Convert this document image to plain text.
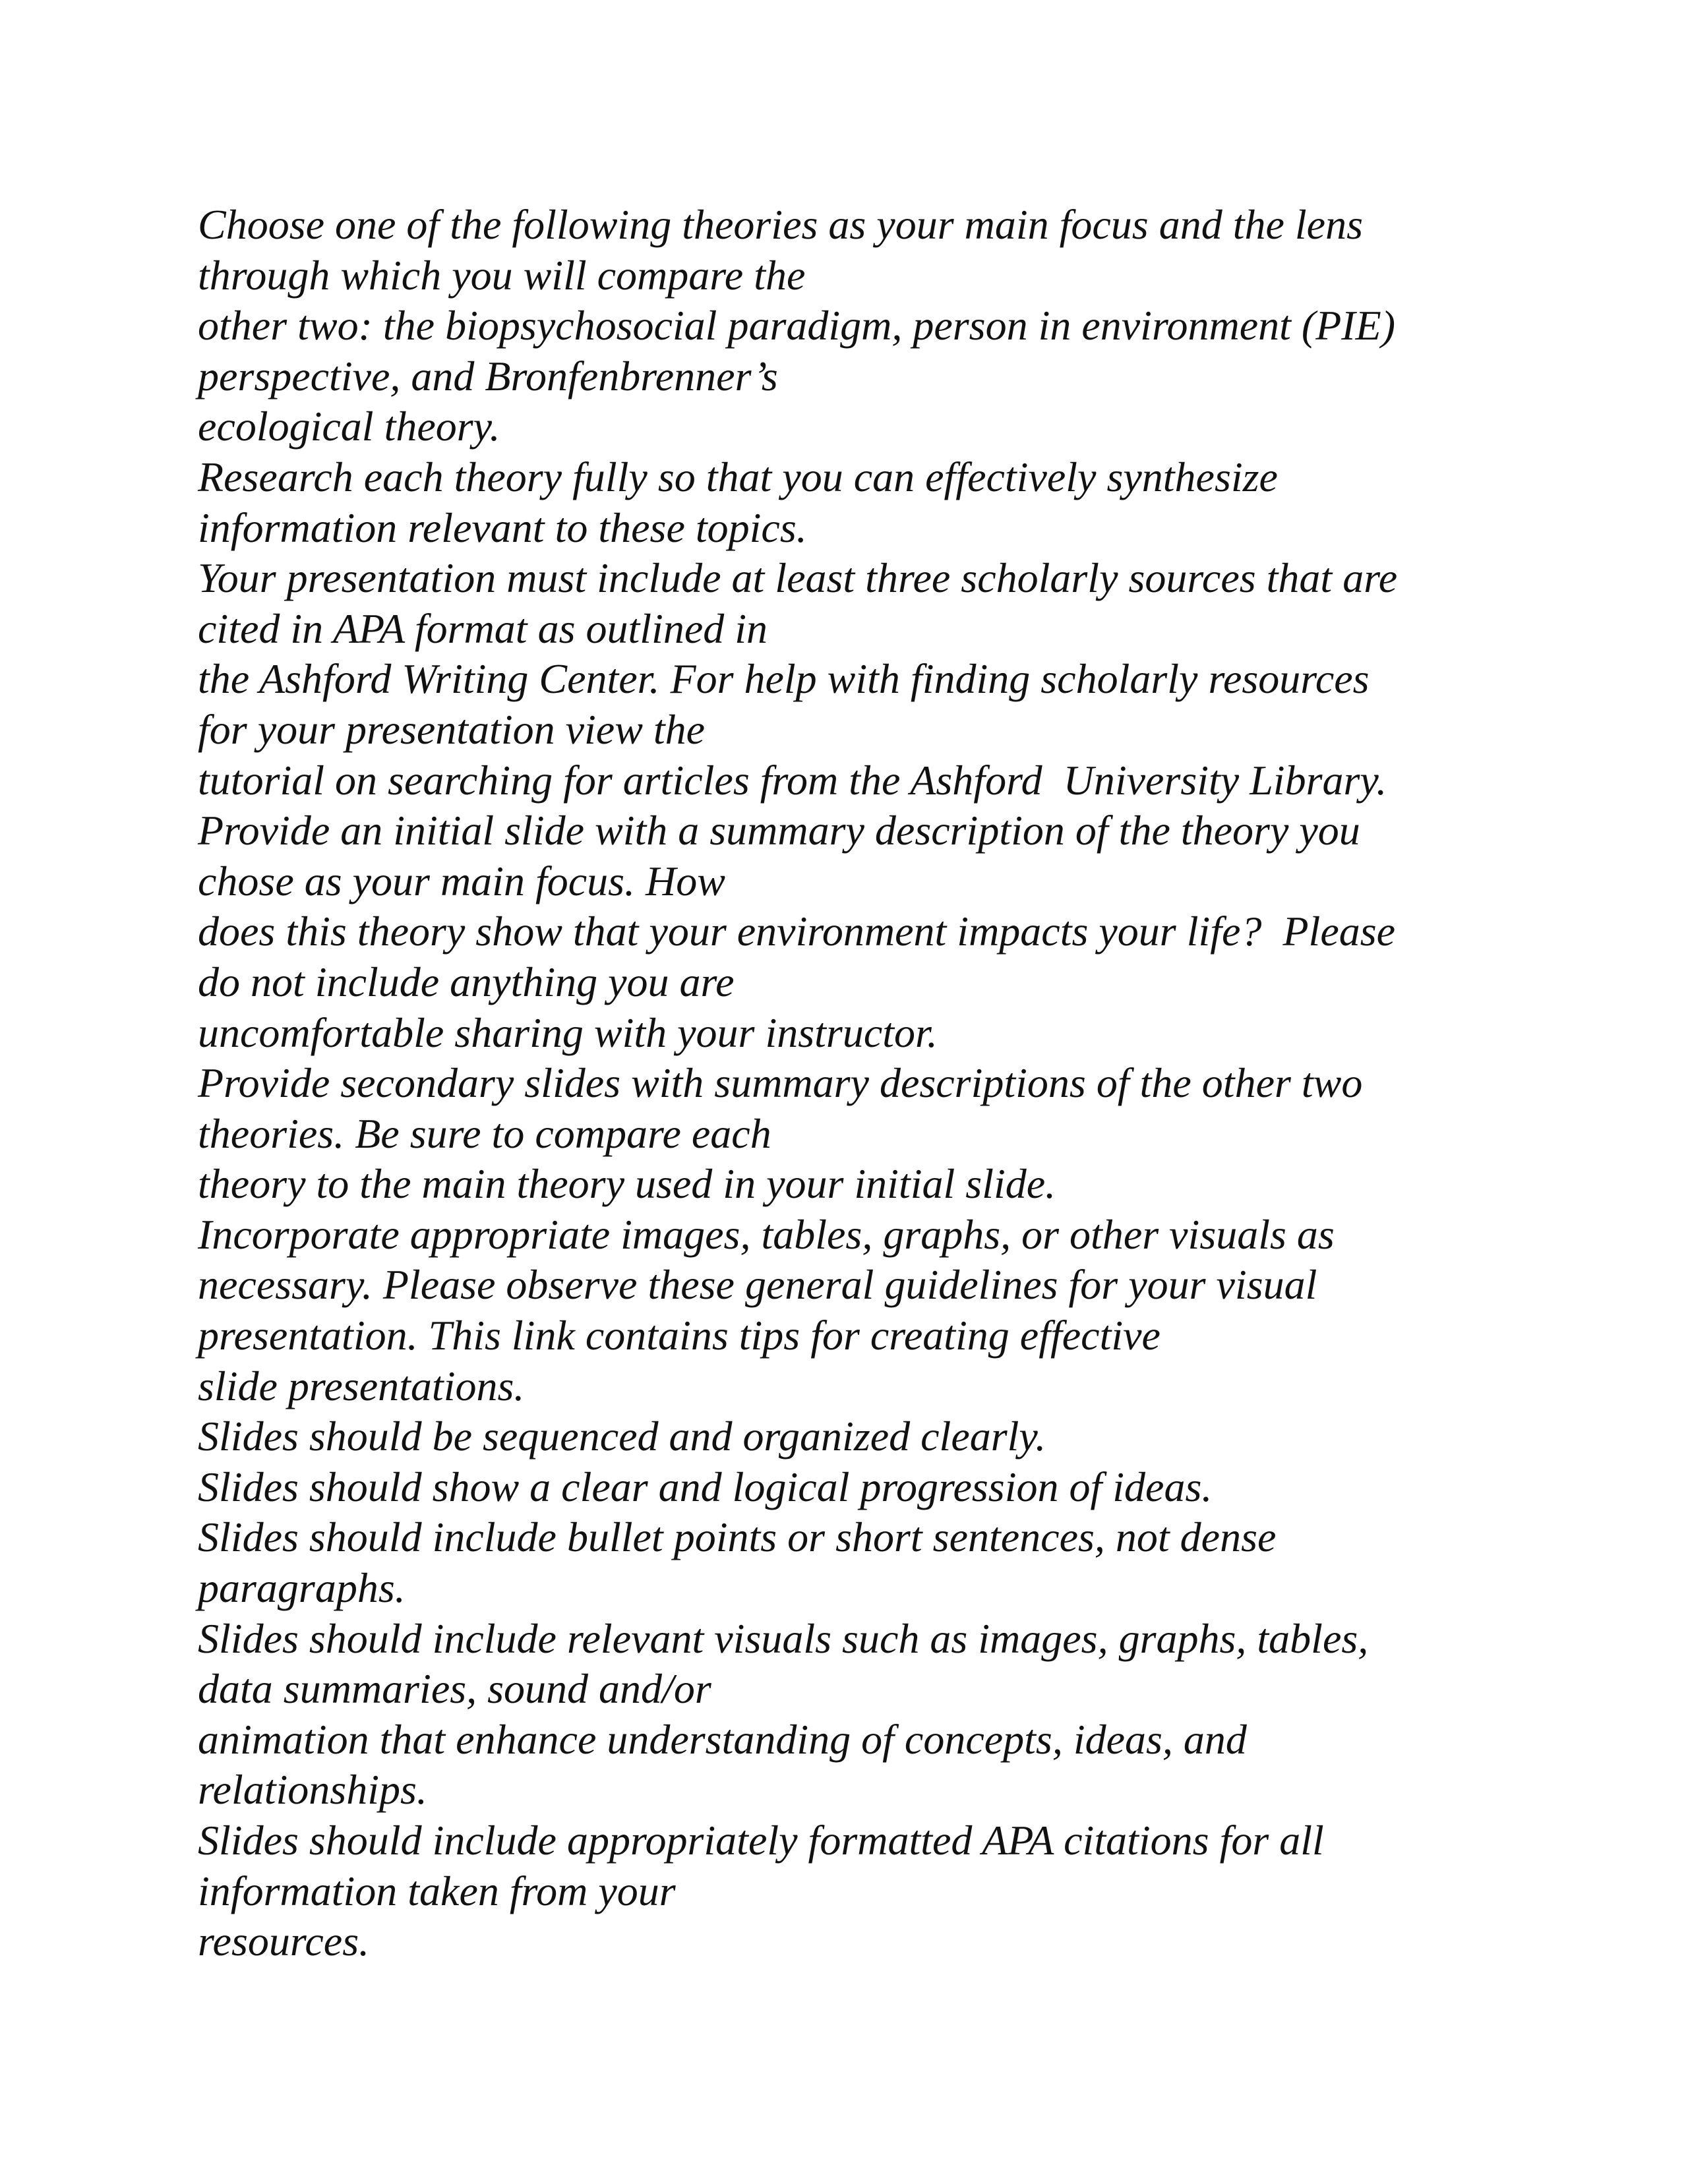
Choose one of the following theories as your main focus and the lens
through which you will compare the
other two: the biopsychosocial paradigm, person in environment (PIE)
perspective, and Bronfenbrenner’s
ecological theory.
Research each theory fully so that you can effectively synthesize
information relevant to these topics.
Your presentation must include at least three scholarly sources that are
cited in APA format as outlined in
the Ashford Writing Center. For help with finding scholarly resources
for your presentation view the
tutorial on searching for articles from the Ashford  University Library.
Provide an initial slide with a summary description of the theory you
chose as your main focus. How
does this theory show that your environment impacts your life?  Please
do not include anything you are
uncomfortable sharing with your instructor.
Provide secondary slides with summary descriptions of the other two
theories. Be sure to compare each
theory to the main theory used in your initial slide.
Incorporate appropriate images, tables, graphs, or other visuals as
necessary. Please observe these general guidelines for your visual
presentation. This link contains tips for creating effective
slide presentations.
Slides should be sequenced and organized clearly.
Slides should show a clear and logical progression of ideas.
Slides should include bullet points or short sentences, not dense
paragraphs.
Slides should include relevant visuals such as images, graphs, tables,
data summaries, sound and/or
animation that enhance understanding of concepts, ideas, and
relationships.
Slides should include appropriately formatted APA citations for all
information taken from your
resources.
